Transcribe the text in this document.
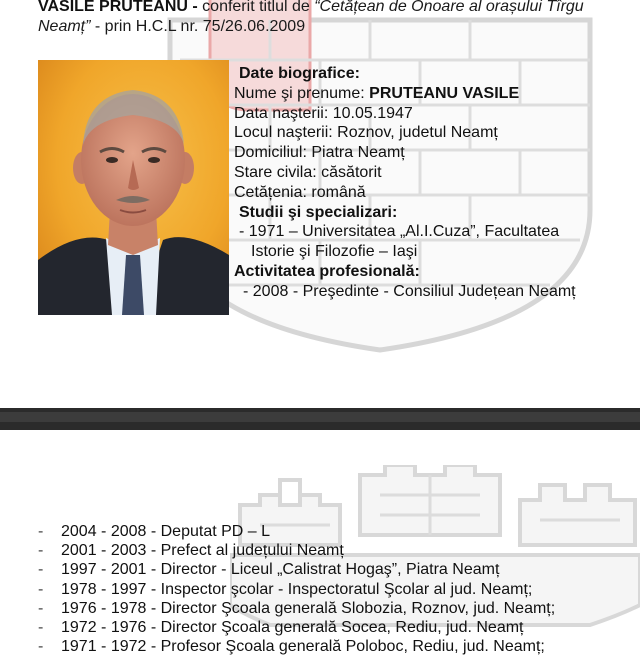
VASILE PRUTEANU - conferit titlul de “Cetățean de Onoare al orașului Tîrgu Neamț” - prin H.C.L nr. 75/26.06.2009
Date biografice:
Nume şi prenume: PRUTEANU VASILE
Data naşterii: 10.05.1947
Locul naşterii: Roznov, judetul Neamț
Domiciliul: Piatra Neamț
Stare civila: căsătorit
Cetățenia: română
Studii şi specializari:
- 1971 – Universitatea „Al.I.Cuza”, Facultatea
Istorie şi Filozofie – Iaşi
Activitatea profesională:
- 2008 - Preşedinte - Consiliul Județean Neamț
- 2004 - 2008 - Deputat PD – L
- 2001 - 2003 - Prefect al județului Neamț
- 1997 - 2001 - Director - Liceul „Calistrat Hogaş”, Piatra Neamț
- 1978 - 1997 - Inspector şcolar - Inspectoratul Şcolar al jud. Neamț;
- 1976 - 1978 - Director Şcoala generală Slobozia, Roznov, jud. Neamț;
- 1972 - 1976 - Director Şcoala generală Socea, Rediu, jud. Neamț
- 1971 - 1972 - Profesor Şcoala generală Poloboc, Rediu, jud. Neamț;
